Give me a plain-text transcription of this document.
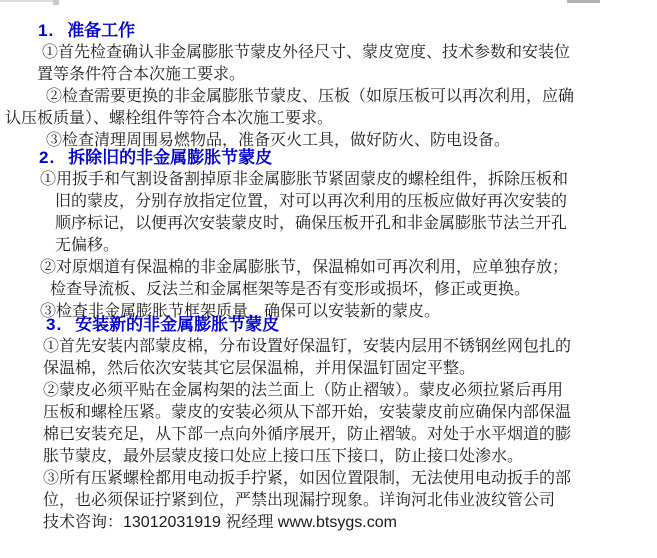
1. 准备工作
①首先检查确认非金属膨胀节蒙皮外径尺寸、蒙皮宽度、技术参数和安装位
置等条件符合本次施工要求。
②检查需要更换的非金属膨胀节蒙皮、压板（如原压板可以再次利用，应确
认压板质量）、螺栓组件等符合本次施工要求。
③检查清理周围易燃物品，准备灭火工具，做好防火、防电设备。
2. 拆除旧的非金属膨胀节蒙皮
①用扳手和气割设备割掉原非金属膨胀节紧固蒙皮的螺栓组件，拆除压板和
旧的蒙皮，分别存放指定位置，对可以再次利用的压板应做好再次安装的
顺序标记，以便再次安装蒙皮时，确保压板开孔和非金属膨胀节法兰开孔
无偏移。
②对原烟道有保温棉的非金属膨胀节，保温棉如可再次利用，应单独存放；
检查导流板、反法兰和金属框架等是否有变形或损坏，修正或更换。
③检查非金属膨胀节框架质量，确保可以安装新的蒙皮。
3. 安装新的非金属膨胀节蒙皮
①首先安装内部蒙皮棉，分布设置好保温钉，安装内层用不锈钢丝网包扎的
保温棉，然后依次安装其它层保温棉，并用保温钉固定平整。
②蒙皮必须平贴在金属构架的法兰面上（防止褶皱）。蒙皮必须拉紧后再用
压板和螺栓压紧。蒙皮的安装必须从下部开始，安装蒙皮前应确保内部保温
棉已安装充足，从下部一点向外循序展开，防止褶皱。对处于水平烟道的膨
胀节蒙皮，最外层蒙皮接口处应上接口压下接口，防止接口处渗水。
③所有压紧螺栓都用电动扳手拧紧，如因位置限制，无法使用电动扳手的部
位，也必须保证拧紧到位，严禁出现漏拧现象。详询河北伟业波纹管公司
技术咨询：13012031919 祝经理 www.btsygs.com
